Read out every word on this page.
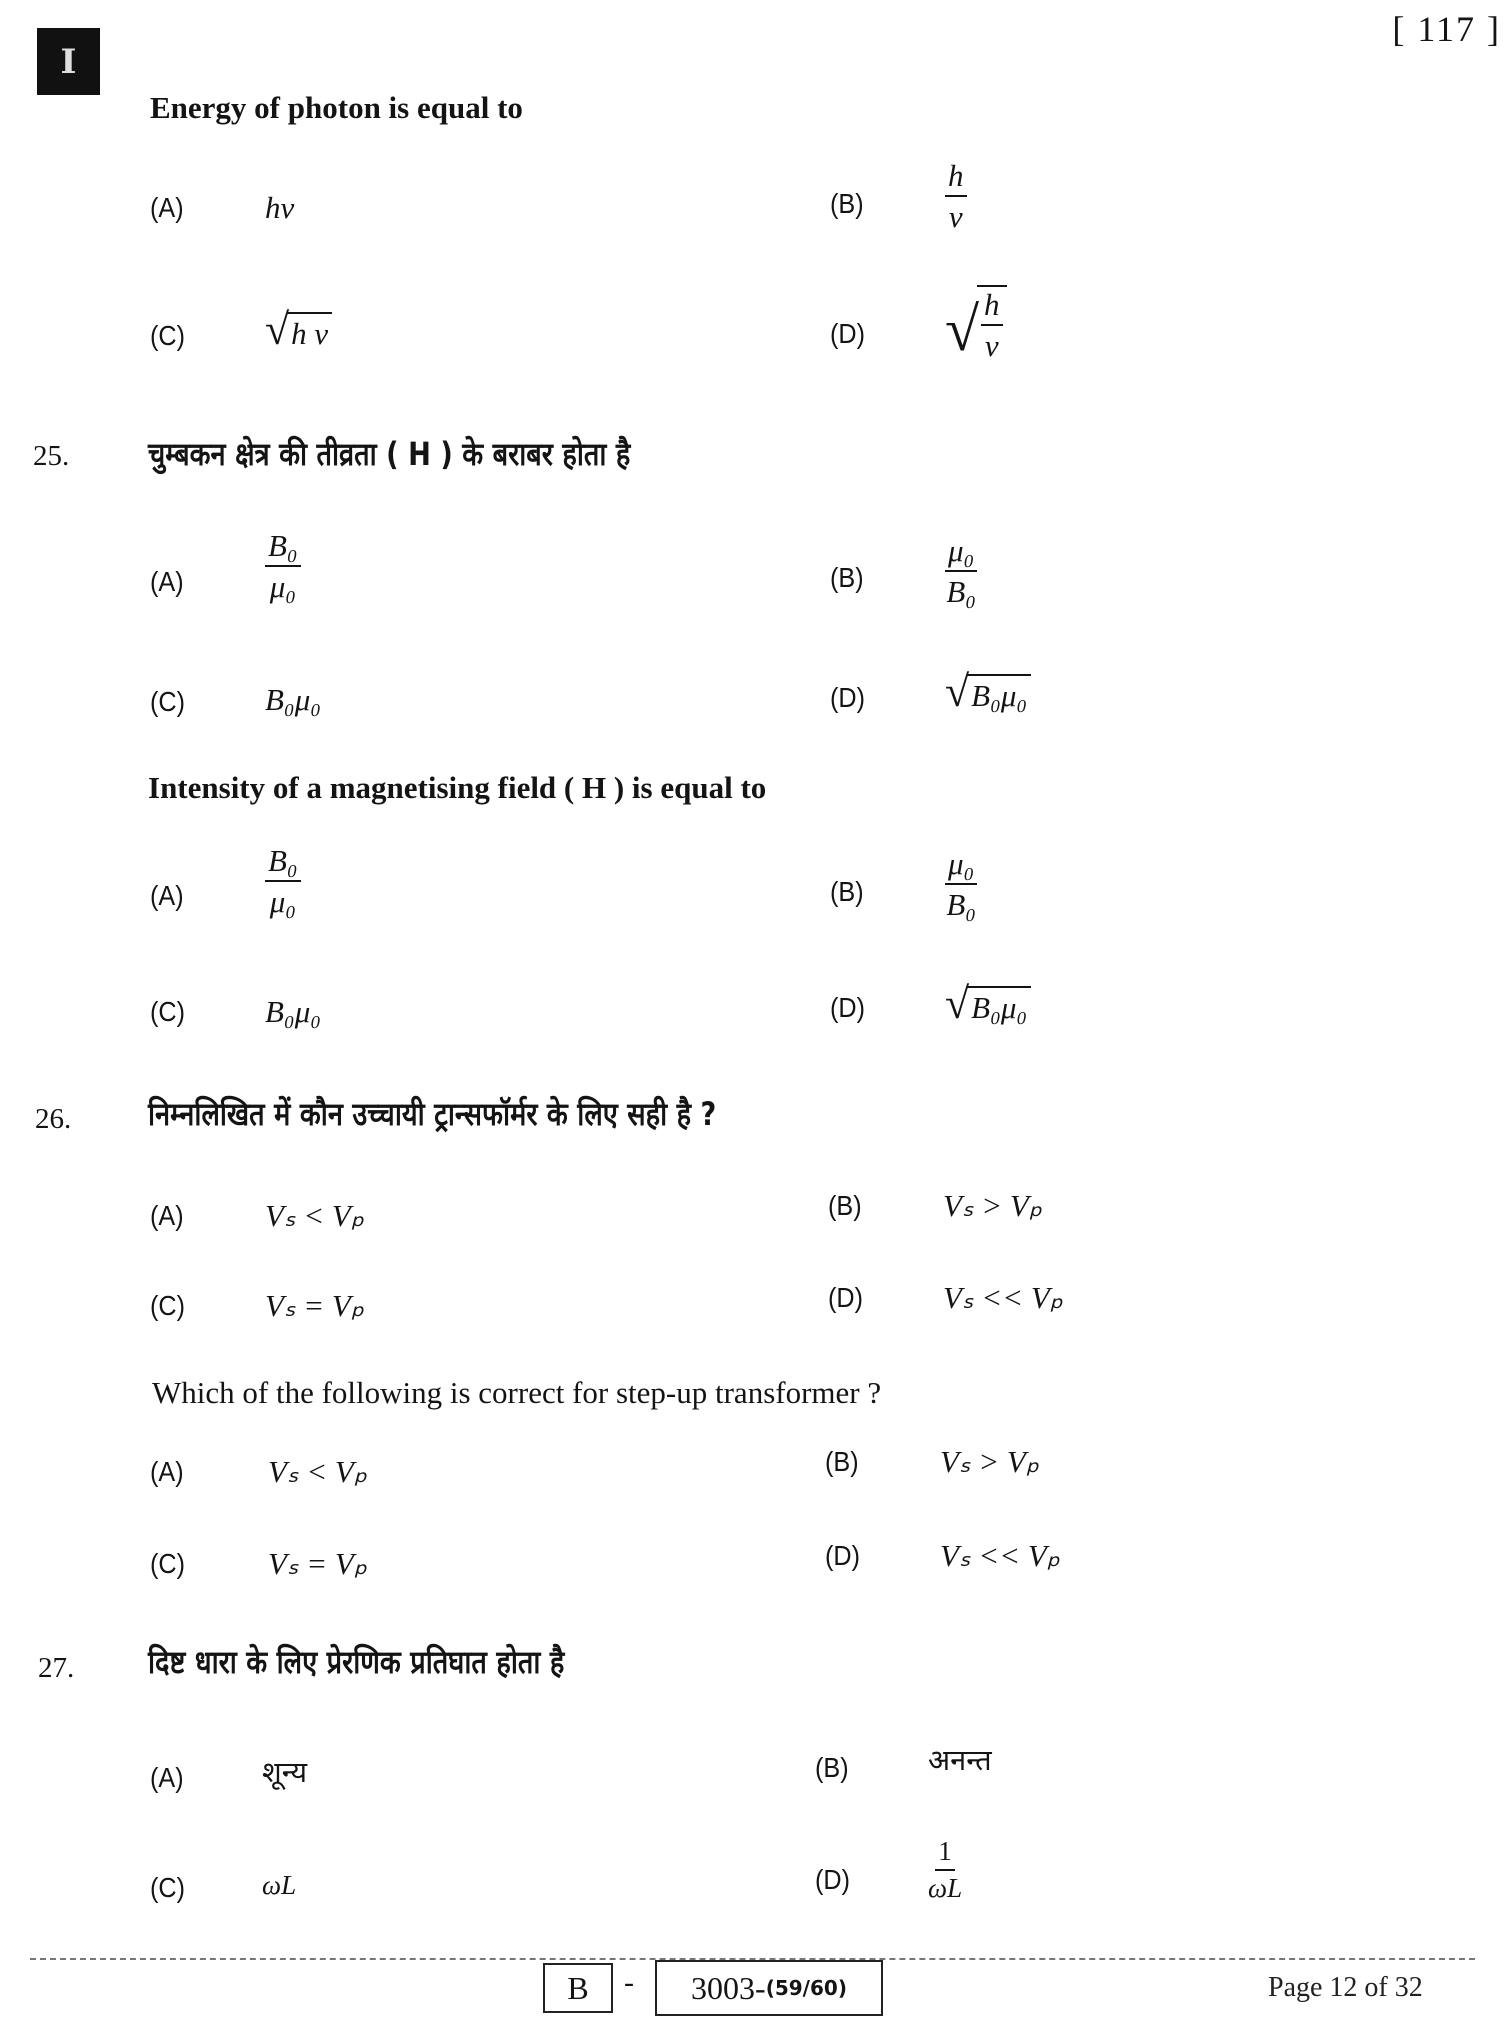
I
[ 117 ]
Energy of photon is equal to
(A)	hν	(B)	$\frac{h}{\nu}$
(C) √ h ν	(D) √ $\frac{h}{\nu}$
25. चुम्बकन क्षेत्र की तीव्रता ( H ) के बराबर होता है
(A)	$\frac{\text{B₀}}{\text{μ₀}}$	(B)	$\frac{\text{μ₀}}{\text{B₀}}$
(C)	B₀μ₀	(D) √ B₀μ₀
Intensity of a magnetising field ( H ) is equal to
(A)	$\frac{\text{B₀}}{\text{μ₀}}$	(B)	$\frac{\text{μ₀}}{\text{B₀}}$
(C)	B₀μ₀	(D) √ B₀μ₀
26. निम्नलिखित में कौन उच्चायी ट्रान्सफॉर्मर के लिए सही है ?
(A)	Vₛ < Vₚ	(B)	Vₛ > Vₚ
(C)	Vₛ = Vₚ	(D)	Vₛ << Vₚ
Which of the following is correct for step-up transformer ?
(A)	Vₛ < Vₚ	(B)	Vₛ > Vₚ
(C)	Vₛ = Vₚ	(D)	Vₛ << Vₚ
27. दिष्ट धारा के लिए प्रेरणिक प्रतिघात होता है
(A)	शून्य	(B)	अनन्त
(C)	ωL	(D)	$\frac{1}{\omega L}$
B - 3003- (59/60)	Page 12 of 32
